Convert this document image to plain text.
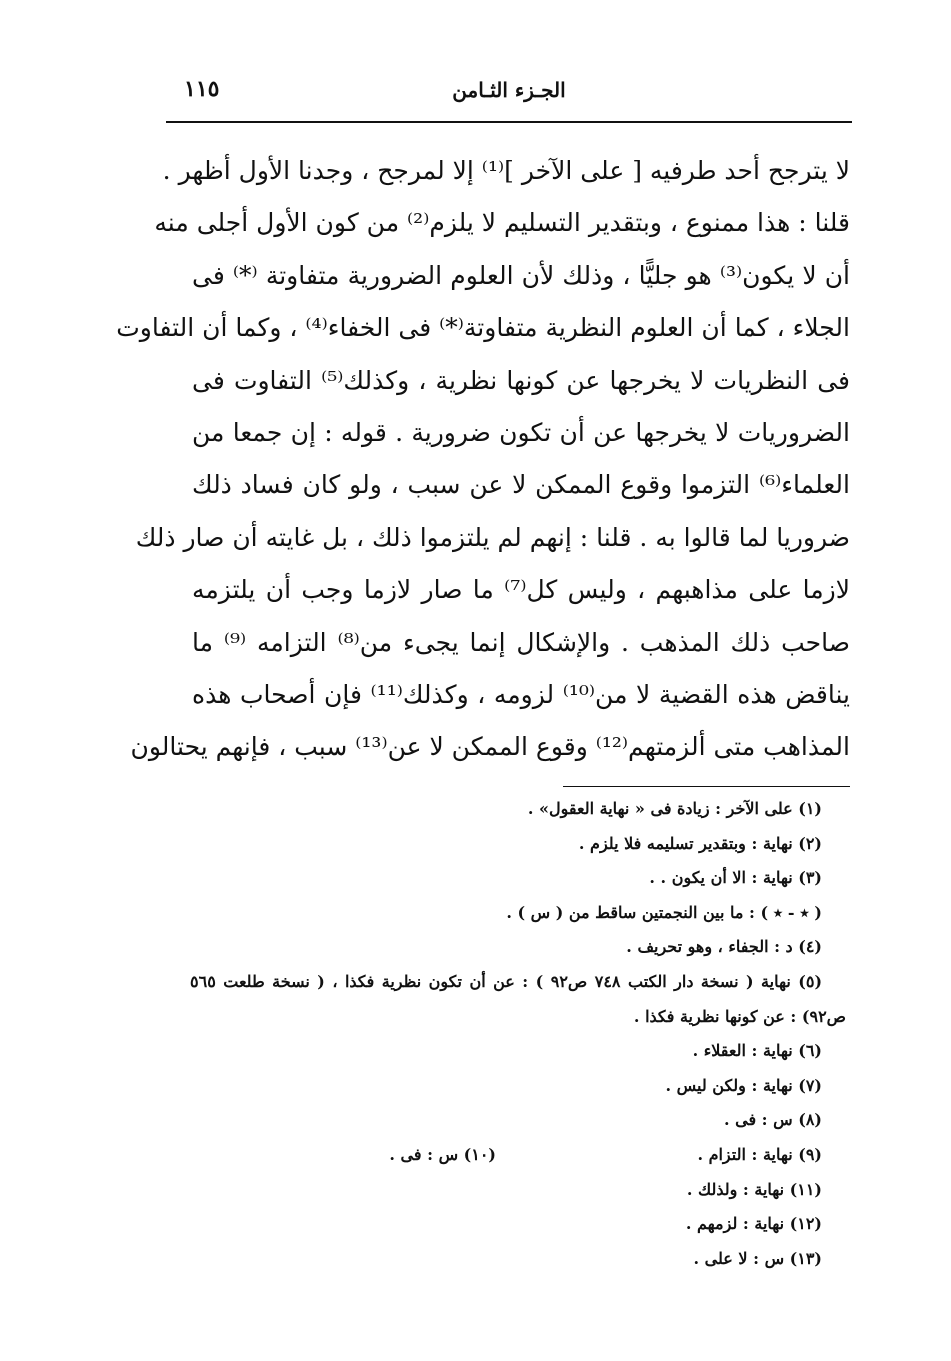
١١٥	الجـزء الثـامن
لا يترجح أحد طرفيه [ على الآخر ]⁽¹⁾ إلا لمرجح ، وجدنا الأول أظهر .
قلنا : هذا ممنوع ، وبتقدير التسليم لا يلزم⁽²⁾ من كون الأول أجلى منه
أن لا يكون⁽³⁾ هو جليًّا ، وذلك لأن العلوم الضرورية متفاوتة ⁽*⁾ فى
الجلاء ، كما أن العلوم النظرية متفاوتة⁽*⁾ فى الخفاء⁽⁴⁾ ، وكما أن التفاوت
فى النظريات لا يخرجها عن كونها نظرية ، وكذلك⁽⁵⁾ التفاوت فى
الضروريات لا يخرجها عن أن تكون ضرورية . قوله : إن جمعا من
العلماء⁽⁶⁾ التزموا وقوع الممكن لا عن سبب ، ولو كان فساد ذلك
ضروريا لما قالوا به . قلنا : إنهم لم يلتزموا ذلك ، بل غايته أن صار ذلك
لازما على مذاهبهم ، وليس كل⁽⁷⁾ ما صار لازما وجب أن يلتزمه
صاحب ذلك المذهب . والإشكال إنما يجىء من⁽⁸⁾ التزامه ⁽⁹⁾ ما
يناقض هذه القضية لا من⁽¹⁰⁾ لزومه ، وكذلك⁽¹¹⁾ فإن أصحاب هذه
المذاهب متى ألزمتهم⁽¹²⁾ وقوع الممكن لا عن⁽¹³⁾ سبب ، فإنهم يحتالون
(١) على الآخر : زيادة فى « نهاية العقول» .
(٢) نهاية : وبتقدير تسليمه فلا يلزم .
(٣) نهاية : الا أن يكون . .
( ٭ - ٭ ) : ما بين النجمتين ساقط من ( س ) .
(٤) د : الجفاء ، وهو تحريف .
(٥) نهاية ( نسخة دار الكتب ٧٤٨ ص٩٢ ) : عن أن تكون نظرية فكذا ، ( نسخة طلعت ٥٦٥
ص٩٢) : عن كونها نظرية فكذا .
(٦) نهاية : العقلاء .
(٧) نهاية : ولكن ليس .
(٨) س : فى .
(٩) نهاية : التزام .
(١٠) س : فى .
(١١) نهاية : ولذلك .
(١٢) نهاية : لزمهم .
(١٣) س : لا على .
